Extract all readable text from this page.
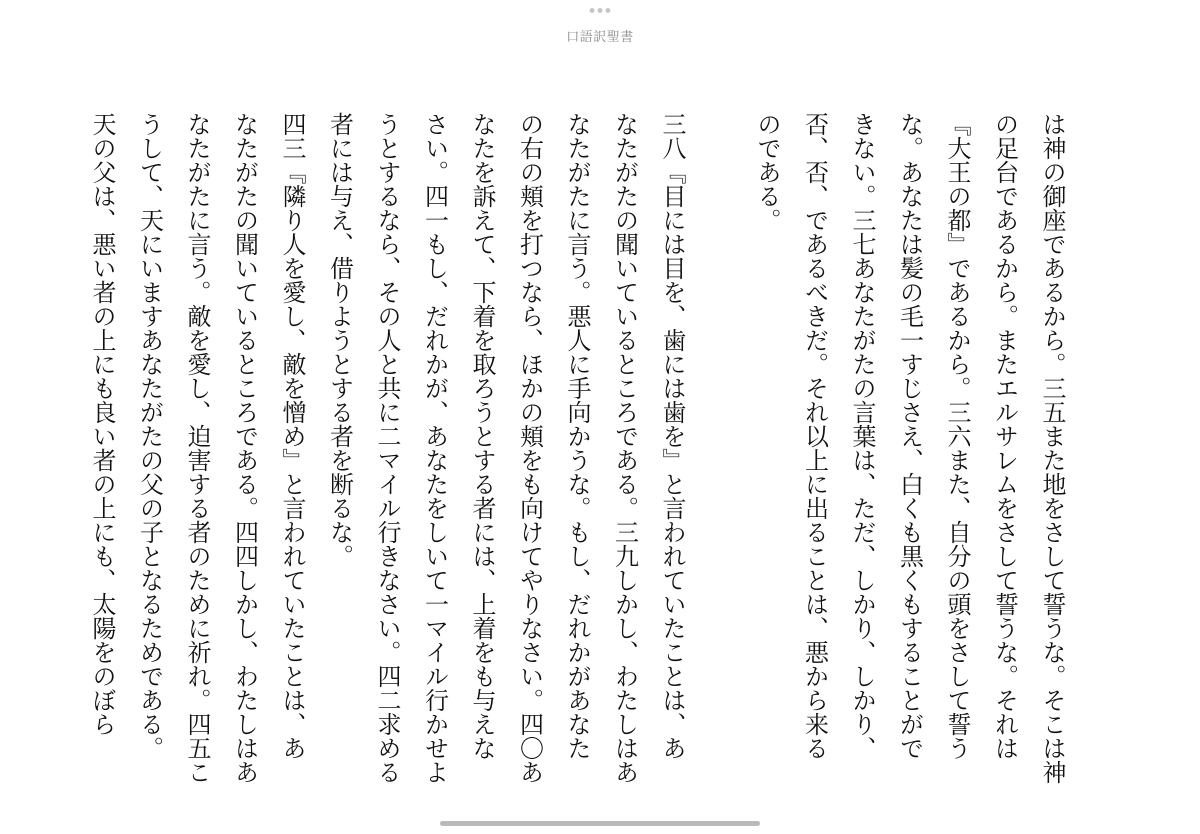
口語訳聖書
は神の御座であるから。三五また地をさして誓うな。そこは神
の足台であるから。またエルサレムをさして誓うな。それは
『大王の都』であるから。三六また、自分の頭をさして誓う
な。あなたは髪の毛一すじさえ、白くも黒くもすることがで
きない。三七あなたがたの言葉は、ただ、しかり、しかり、
否、否、であるべきだ。それ以上に出ることは、悪から来る
のである。
三八『目には目を、歯には歯を』と言われていたことは、あ
なたがたの聞いているところである。三九しかし、わたしはあ
なたがたに言う。悪人に手向かうな。もし、だれかがあなた
の右の頬を打つなら、ほかの頬をも向けてやりなさい。四〇あ
なたを訴えて、下着を取ろうとする者には、上着をも与えな
さい。四一もし、だれかが、あなたをしいて一マイル行かせよ
うとするなら、その人と共に二マイル行きなさい。四二求める
者には与え、借りようとする者を断るな。
四三『隣り人を愛し、敵を憎め』と言われていたことは、あ
なたがたの聞いているところである。四四しかし、わたしはあ
なたがたに言う。敵を愛し、迫害する者のために祈れ。四五こ
うして、天にいますあなたがたの父の子となるためである。
天の父は、悪い者の上にも良い者の上にも、太陽をのぼら
